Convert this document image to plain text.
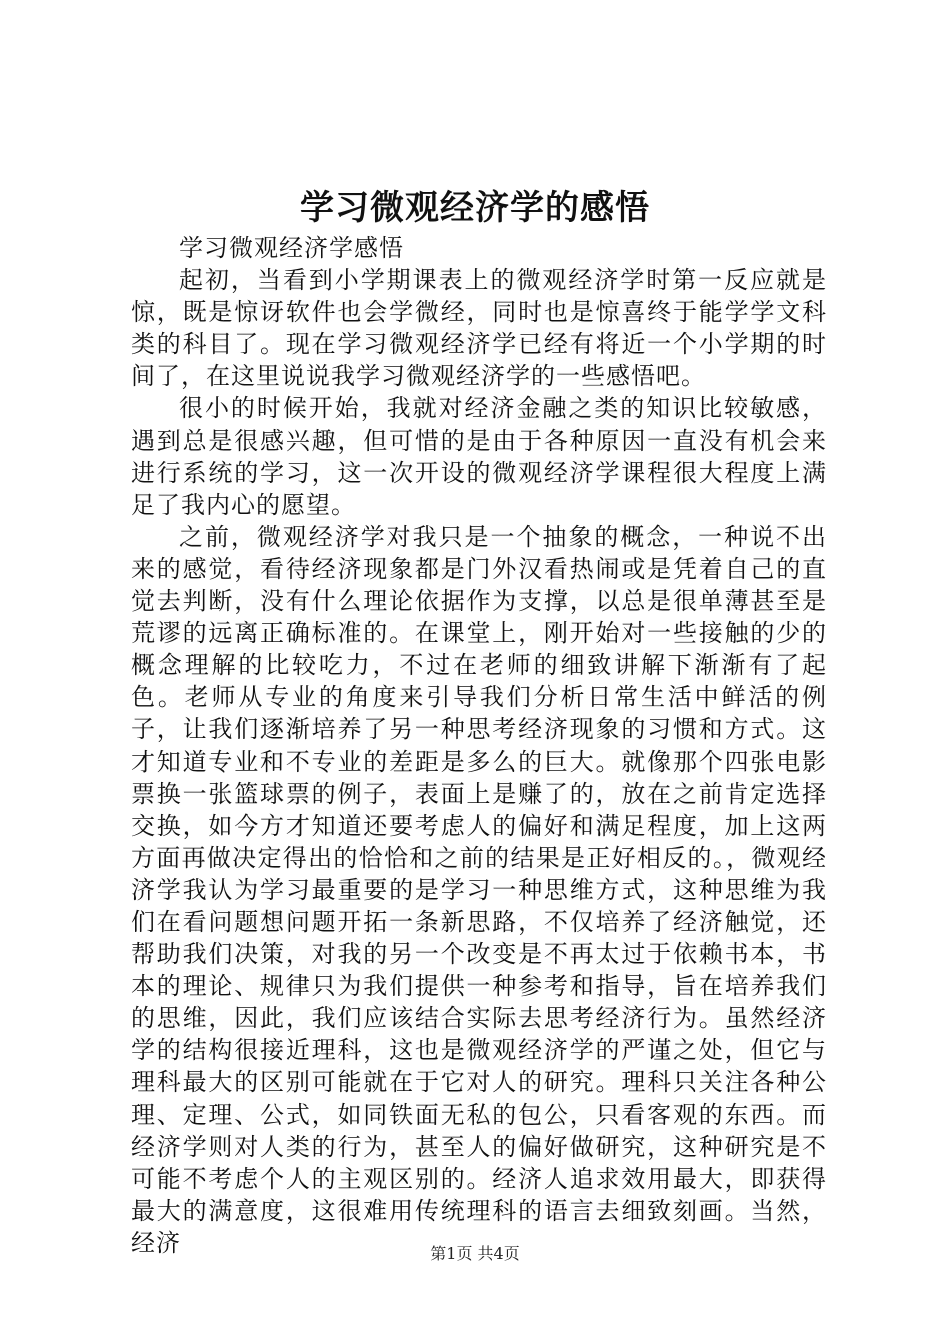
学习微观经济学的感悟

学习微观经济学感悟

起初，当看到小学期课表上的微观经济学时第一反应就是惊，既是惊讶软件也会学微经，同时也是惊喜终于能学学文科类的科目了。现在学习微观经济学已经有将近一个小学期的时间了，在这里说说我学习微观经济学的一些感悟吧。

很小的时候开始，我就对经济金融之类的知识比较敏感，遇到总是很感兴趣，但可惜的是由于各种原因一直没有机会来进行系统的学习，这一次开设的微观经济学课程很大程度上满足了我内心的愿望。

之前，微观经济学对我只是一个抽象的概念，一种说不出来的感觉，看待经济现象都是门外汉看热闹或是凭着自己的直觉去判断，没有什么理论依据作为支撑，以总是很单薄甚至是荒谬的远离正确标准的。在课堂上，刚开始对一些接触的少的概念理解的比较吃力，不过在老师的细致讲解下渐渐有了起色。老师从专业的角度来引导我们分析日常生活中鲜活的例子，让我们逐渐培养了另一种思考经济现象的习惯和方式。这才知道专业和不专业的差距是多么的巨大。就像那个四张电影票换一张篮球票的例子，表面上是赚了的，放在之前肯定选择交换，如今方才知道还要考虑人的偏好和满足程度，加上这两方面再做决定得出的恰恰和之前的结果是正好相反的。，微观经济学我认为学习最重要的是学习一种思维方式，这种思维为我们在看问题想问题开拓一条新思路，不仅培养了经济触觉，还帮助我们决策，对我的另一个改变是不再太过于依赖书本，书本的理论、规律只为我们提供一种参考和指导，旨在培养我们的思维，因此，我们应该结合实际去思考经济行为。虽然经济学的结构很接近理科，这也是微观经济学的严谨之处，但它与理科最大的区别可能就在于它对人的研究。理科只关注各种公理、定理、公式，如同铁面无私的包公，只看客观的东西。而经济学则对人类的行为，甚至人的偏好做研究，这种研究是不可能不考虑个人的主观区别的。经济人追求效用最大，即获得最大的满意度，这很难用传统理科的语言去细致刻画。当然，经济	第1页 共4页
